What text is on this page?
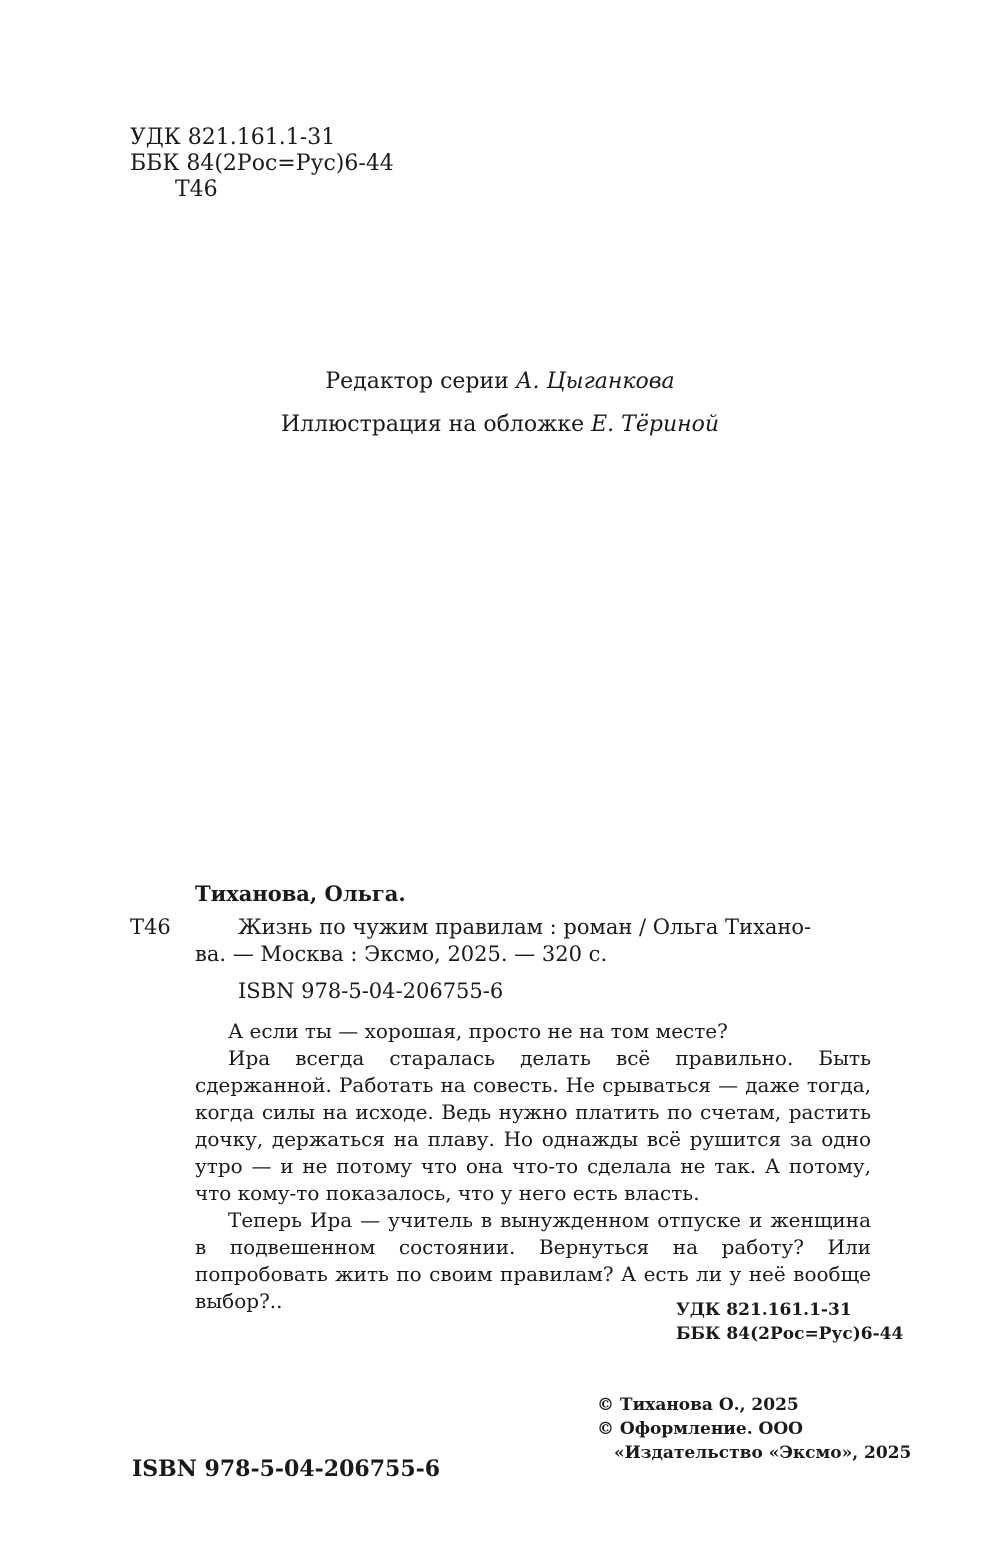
УДК 821.161.1-31
ББК 84(2Рос=Рус)6-44
Т46
Редактор серии А. Цыганкова
Иллюстрация на обложке Е. Тёриной
Тиханова, Ольга.
Т46	Жизнь по чужим правилам : роман / Ольга Тихано-
ва. — Москва : Эксмо, 2025. — 320 с.
ISBN 978-5-04-206755-6

А если ты — хорошая, просто не на том месте?

Ира всегда старалась делать всё правильно. Быть сдержанной. Работать на совесть. Не срываться — даже тогда, когда силы на исходе. Ведь нужно платить по счетам, растить дочку, держаться на плаву. Но однажды всё рушится за одно утро — и не потому что она что-то сделала не так. А потому, что кому-то показалось, что у него есть власть.

Теперь Ира — учитель в вынужденном отпуске и женщина в подвешенном состоянии. Вернуться на работу? Или попробовать жить по своим правилам? А есть ли у неё вообще выбор?..	УДК 821.161.1-31
ББК 84(2Рос=Рус)6-44
ISBN 978-5-04-206755-6
© Тиханова О., 2025
© Оформление. ООО
«Издательство «Эксмо», 2025
